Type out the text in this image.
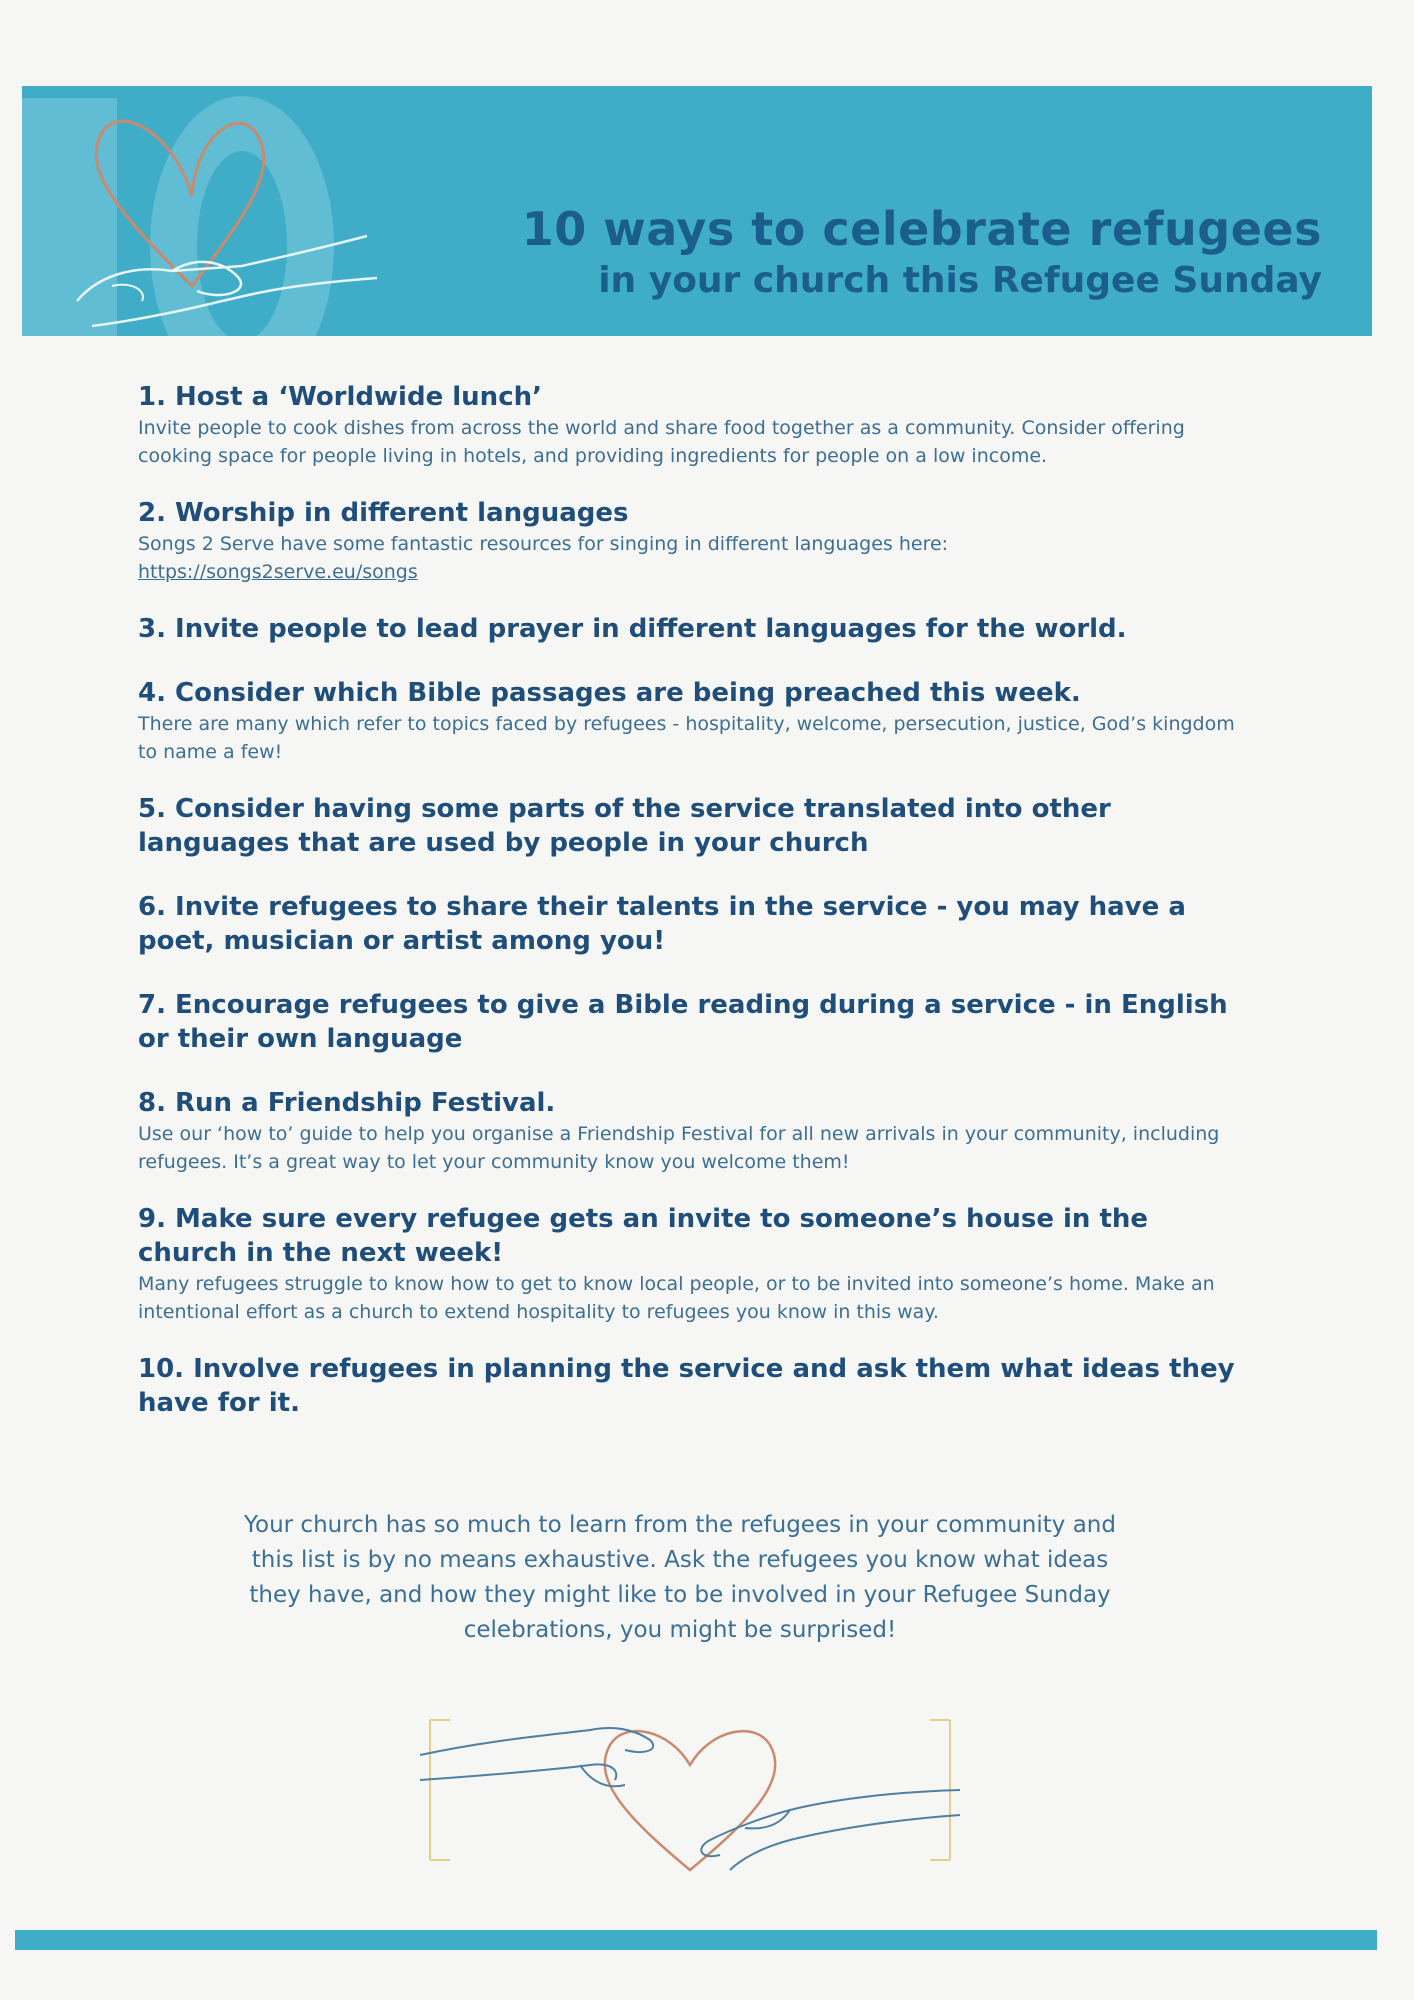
10 ways to celebrate refugees
in your church this Refugee Sunday
1. Host a ‘Worldwide lunch’
Invite people to cook dishes from across the world and share food together as a community. Consider offering cooking space for people living in hotels, and providing ingredients for people on a low income.
2. Worship in different languages
Songs 2 Serve have some fantastic resources for singing in different languages here:
https://songs2serve.eu/songs
3. Invite people to lead prayer in different languages for the world.
4. Consider which Bible passages are being preached this week.
There are many which refer to topics faced by refugees - hospitality, welcome, persecution, justice, God’s kingdom to name a few!
5. Consider having some parts of the service translated into other languages that are used by people in your church
6. Invite refugees to share their talents in the service - you may have a poet, musician or artist among you!
7. Encourage refugees to give a Bible reading during a service - in English or their own language
8. Run a Friendship Festival.
Use our ‘how to’ guide to help you organise a Friendship Festival for all new arrivals in your community, including refugees. It’s a great way to let your community know you welcome them!
9. Make sure every refugee gets an invite to someone’s house in the church in the next week!
Many refugees struggle to know how to get to know local people, or to be invited into someone’s home. Make an intentional effort as a church to extend hospitality to refugees you know in this way.
10. Involve refugees in planning the service and ask them what ideas they have for it.
Your church has so much to learn from the refugees in your community and this list is by no means exhaustive. Ask the refugees you know what ideas they have, and how they might like to be involved in your Refugee Sunday celebrations, you might be surprised!
